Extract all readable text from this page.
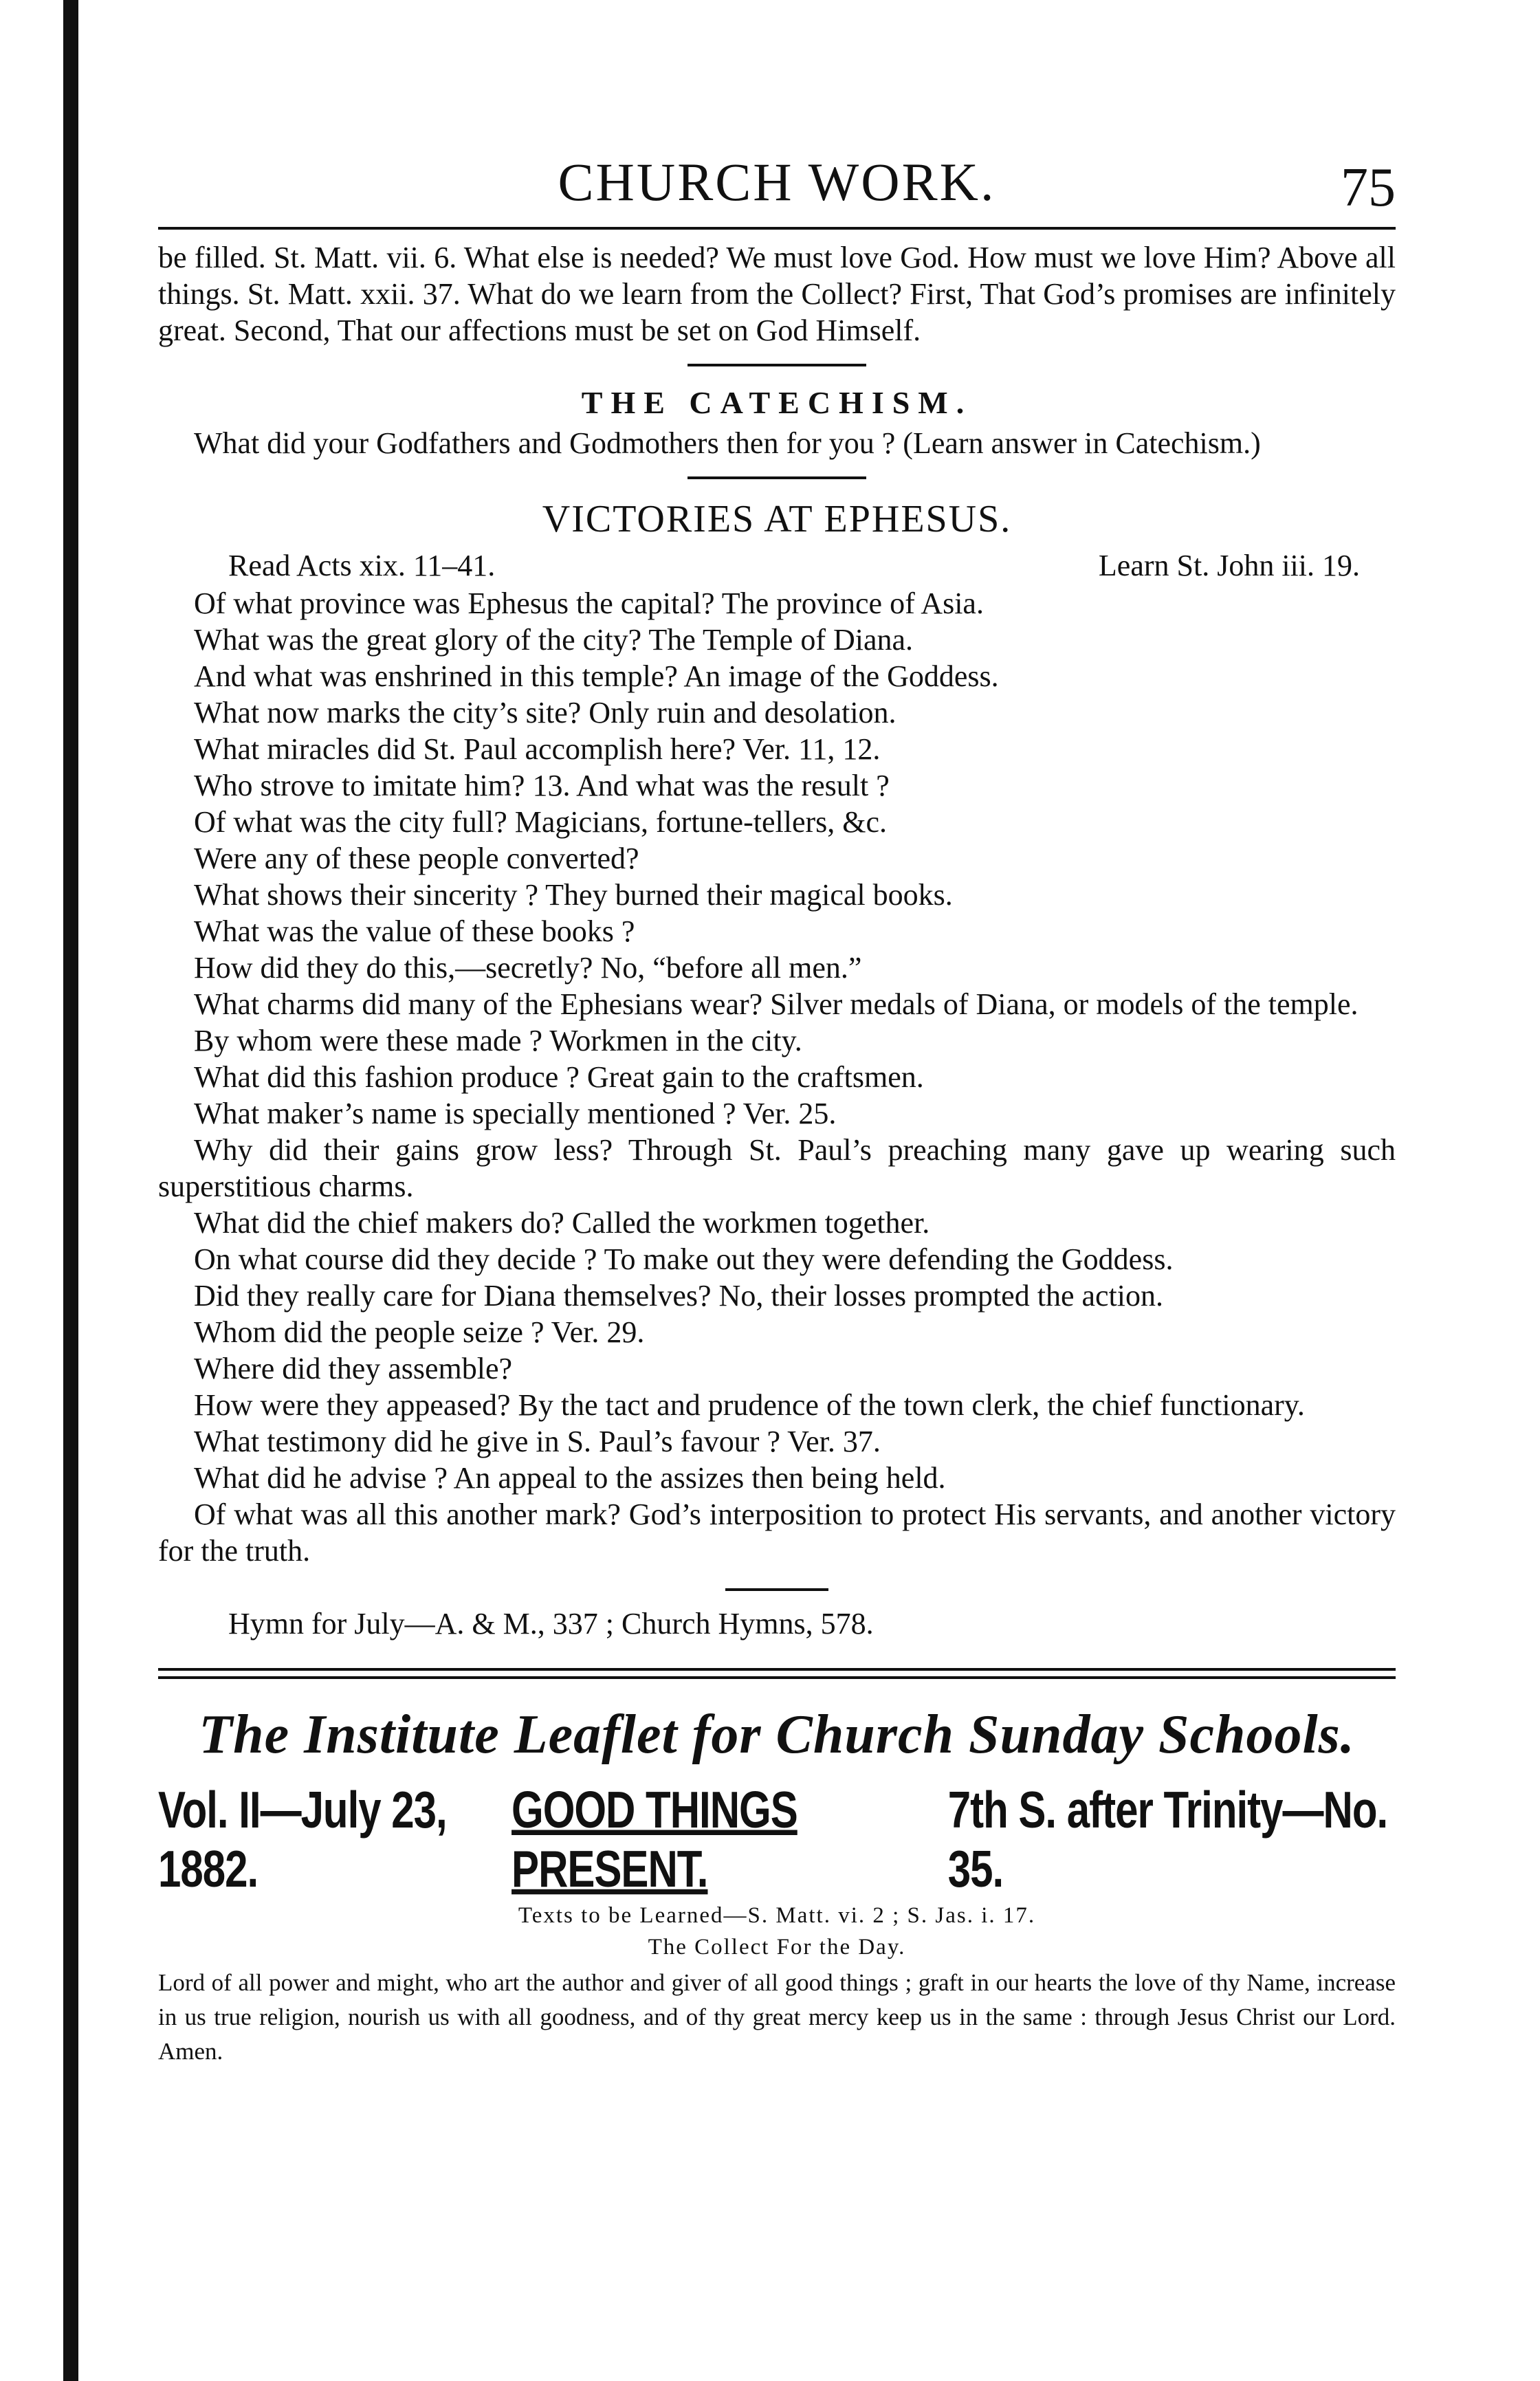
CHURCH WORK.	75

be filled. St. Matt. vii. 6. What else is needed? We must love God. How must we love Him? Above all things. St. Matt. xxii. 37. What do we learn from the Collect? First, That God’s promises are infinitely great. Second, That our affections must be set on God Himself.

THE CATECHISM.

What did your Godfathers and Godmothers then for you ? (Learn answer in Catechism.)

VICTORIES AT EPHESUS.
Read Acts xix. 11–41.	Learn St. John iii. 19.

Of what province was Ephesus the capital? The province of Asia.

What was the great glory of the city? The Temple of Diana.

And what was enshrined in this temple? An image of the Goddess.

What now marks the city’s site? Only ruin and desolation.

What miracles did St. Paul accomplish here? Ver. 11, 12.

Who strove to imitate him? 13. And what was the result ?

Of what was the city full? Magicians, fortune-tellers, &c.

Were any of these people converted?

What shows their sincerity ? They burned their magical books.

What was the value of these books ?

How did they do this,—secretly? No, “before all men.”

What charms did many of the Ephesians wear? Silver medals of Diana, or models of the temple.

By whom were these made ? Workmen in the city.

What did this fashion produce ? Great gain to the craftsmen.

What maker’s name is specially mentioned ? Ver. 25.

Why did their gains grow less? Through St. Paul’s preaching many gave up wearing such superstitious charms.

What did the chief makers do? Called the workmen together.

On what course did they decide ? To make out they were defending the Goddess.

Did they really care for Diana themselves? No, their losses prompted the action.

Whom did the people seize ? Ver. 29.

Where did they assemble?

How were they appeased? By the tact and prudence of the town clerk, the chief functionary.

What testimony did he give in S. Paul’s favour ? Ver. 37.

What did he advise ? An appeal to the assizes then being held.

Of what was all this another mark? God’s interposition to protect His servants, and another victory for the truth.

Hymn for July—A. & M., 337 ; Church Hymns, 578.
The Institute Leaflet for Church Sunday Schools.
Vol. II—July 23, 1882.
GOOD THINGS PRESENT.
7th S. after Trinity—No. 35.
Texts to be Learned—S. Matt. vi. 2 ; S. Jas. i. 17.
The Collect For the Day.

Lord of all power and might, who art the author and giver of all good things ; graft in our hearts the love of thy Name, increase in us true religion, nourish us with all goodness, and of thy great mercy keep us in the same : through Jesus Christ our Lord. Amen.
